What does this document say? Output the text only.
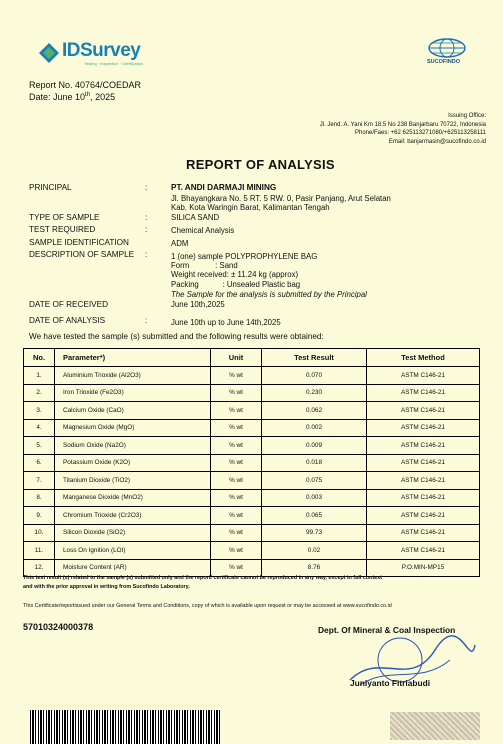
IDSurvey
Testing · Inspection · Certification	SUCOFINDO
Report No. 40764/COEDAR
Date: June 10th, 2025
Issuing Office:
Jl. Jend. A. Yani Km 18,5 No 238 Banjarbaru 70722, Indonesia
Phone/Faes: +62 625113271080/+625113258111
Email: banjarmasin@sucofindo.co.id
REPORT OF ANALYSIS
PRINCIPAL	:	PT. ANDI DARMAJI MINING
Jl. Bhayangkara No. 5 RT. 5 RW. 0, Pasir Panjang, Arut Selatan
Kab. Kota Waringin Barat, Kalimantan Tengah
TYPE OF SAMPLE	:	SILICA SAND
TEST REQUIRED	:	Chemical Analysis
SAMPLE IDENTIFICATION	ADM
DESCRIPTION OF SAMPLE :	1 (one) sample POLYPROPHYLENE BAG
Form            : Sand
Weight received: ± 11.24 kg (approx)
Packing           : Unsealed Plastic bag
The Sample for the analysis is submitted by the Principal
DATE OF RECEIVED	June 10th,2025
DATE OF ANALYSIS	:	June 10th up to June 14th,2025
We have tested the sample (s) submitted and the following results were obtained:
No.	Parameter*)	Unit	Test Result	Test Method
1.	Aluminium Trioxide (Al2O3)	% wt	0.070	ASTM C146-21
2.	Iron Trioxide (Fe2O3)	% wt	0.230	ASTM C146-21
3.	Calcium Oxide (CaO)	% wt	0.062	ASTM C146-21
4.	Magnesium Oxide (MgO)	% wt	0.002	ASTM C146-21
5.	Sodium Oxide (Na2O)	% wt	0.009	ASTM C146-21
6.	Potassium Oxide (K2O)	% wt	0.018	ASTM C146-21
7.	Titanium Dioxide (TiO2)	% wt	0.075	ASTM C146-21
8.	Manganese Dioxide (MnO2)	% wt	0.003	ASTM C146-21
9.	Chromium Trioxide (Cr2O3)	% wt	0.065	ASTM C146-21
10.	Silicon Dioxide (SiO2)	% wt	99.73	ASTM C146-21
11.	Loss On Ignition (LOI)	% wt	0.02	ASTM C146-21
12.	Moisture Content (AR)	% wt	8.76	P.O.MIN-MP15
This test result (s) related to the sample (s) submitted only and the report/ certificate cannot be reproduced in any way, except in full context
and with the prior approval in writing from Sucofindo Laboratory.
This Certificate/reportissued under our General Terms and Conditions, copy of which is available upon request or may be accessed at www.sucofindo.co.id
57010324000378	Dept. Of Mineral & Coal Inspection
Juniyanto Fitriabudi
